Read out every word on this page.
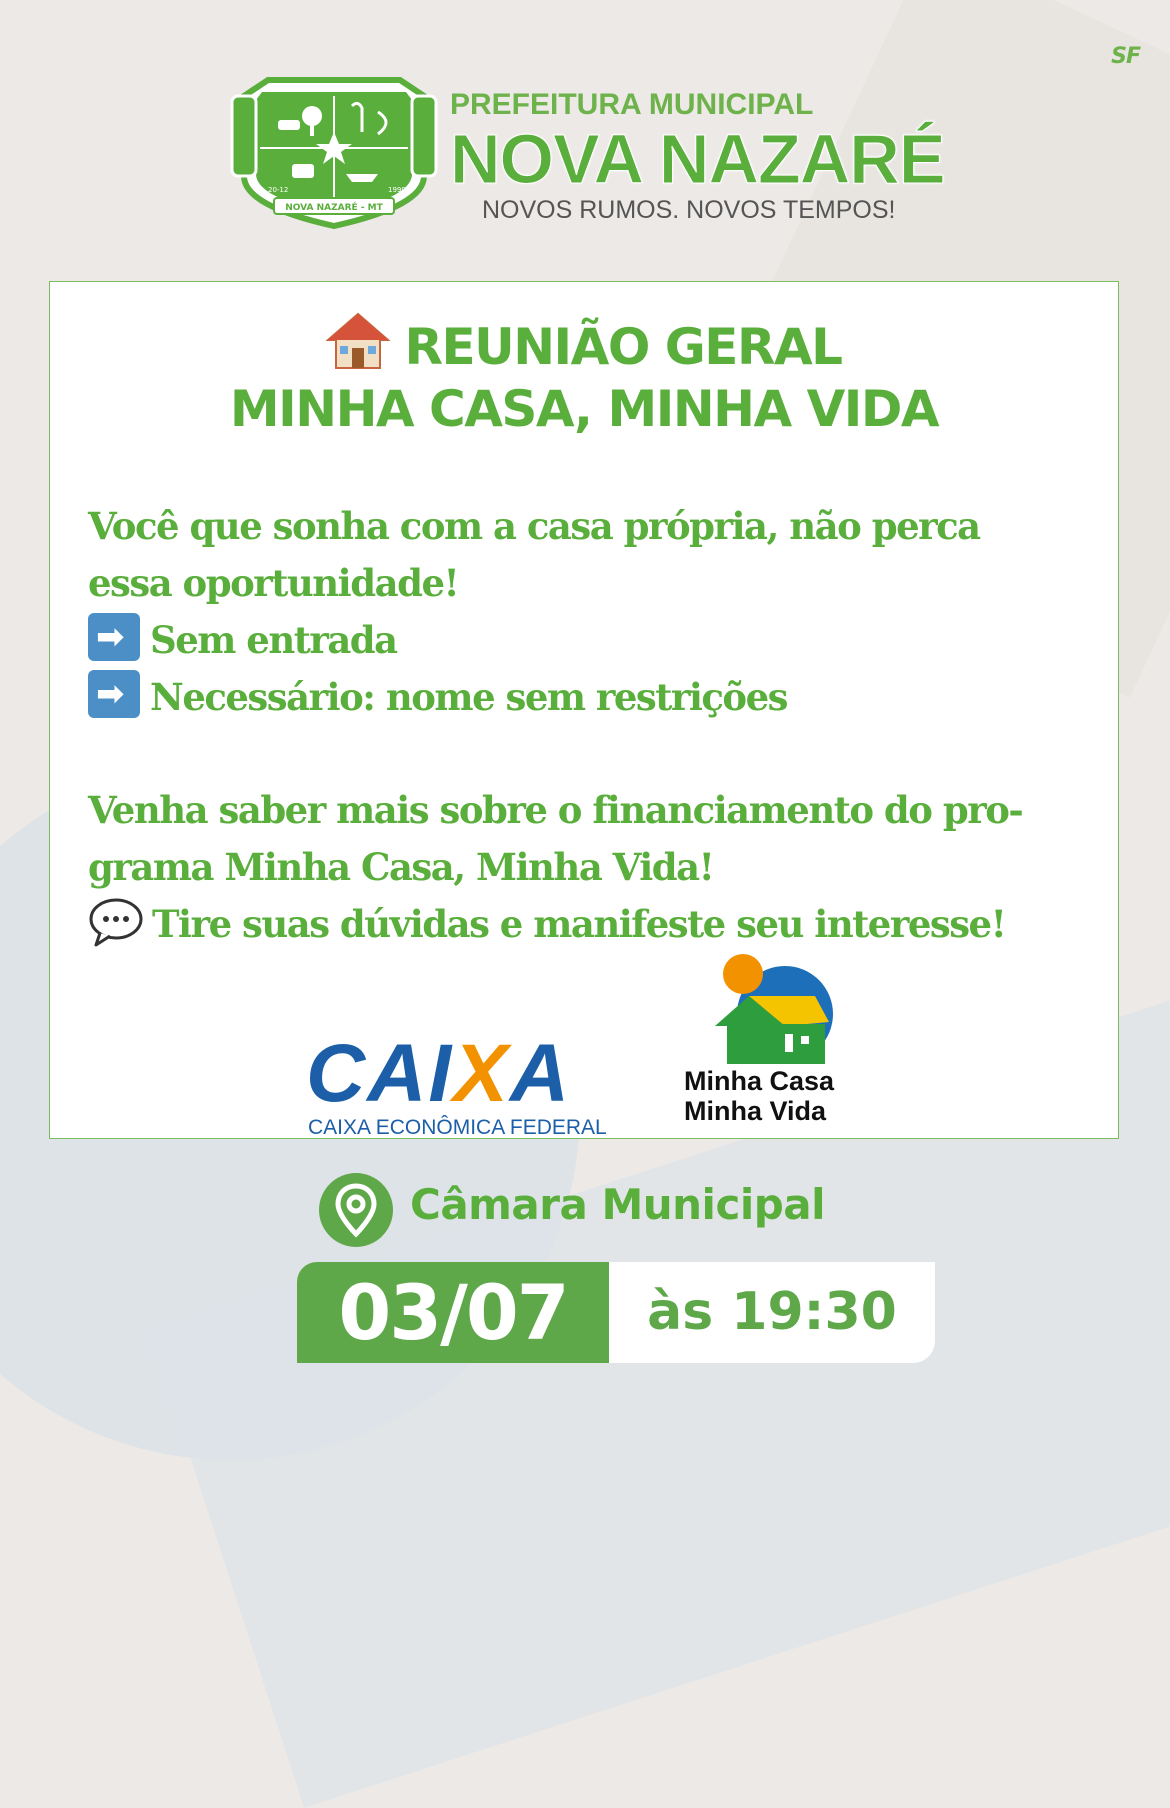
SF
NOVA NAZARÉ - MT
20-12	1999
PREFEITURA MUNICIPAL
NOVA NAZARÉ
NOVOS RUMOS. NOVOS TEMPOS!
REUNIÃO GERAL
MINHA CASA, MINHA VIDA
Você que sonha com a casa própria, não perca
essa oportunidade!
➡Sem entrada
➡Necessário: nome sem restrições
Venha saber mais sobre o financiamento do pro-
grama Minha Casa, Minha Vida!
Tire suas dúvidas e manifeste seu interesse!
CAIXA
CAIXA ECONÔMICA FEDERAL
Minha Casa
Minha Vida
Câmara Municipal
03/07	às 19:30
